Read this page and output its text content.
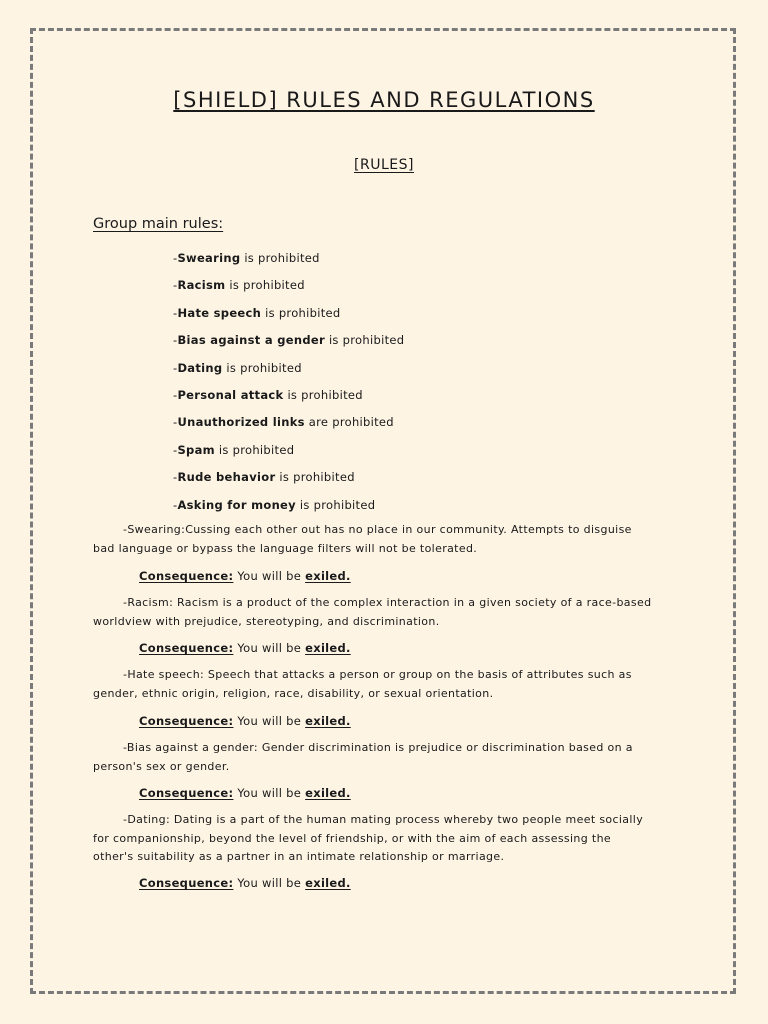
[SHIELD] RULES AND REGULATIONS
[RULES]
Group main rules:
-Swearing is prohibited
-Racism is prohibited
-Hate speech is prohibited
-Bias against a gender is prohibited
-Dating is prohibited
-Personal attack is prohibited
-Unauthorized links are prohibited
-Spam is prohibited
-Rude behavior is prohibited
-Asking for money is prohibited
-Swearing:Cussing each other out has no place in our community. Attempts to disguise bad language or bypass the language filters will not be tolerated.
Consequence: You will be exiled.
-Racism: Racism is a product of the complex interaction in a given society of a race-based worldview with prejudice, stereotyping, and discrimination.
Consequence: You will be exiled.
-Hate speech: Speech that attacks a person or group on the basis of attributes such as gender, ethnic origin, religion, race, disability, or sexual orientation.
Consequence: You will be exiled.
-Bias against a gender: Gender discrimination is prejudice or discrimination based on a person's sex or gender.
Consequence: You will be exiled.
-Dating: Dating is a part of the human mating process whereby two people meet socially for companionship, beyond the level of friendship, or with the aim of each assessing the other's suitability as a partner in an intimate relationship or marriage.
Consequence: You will be exiled.
